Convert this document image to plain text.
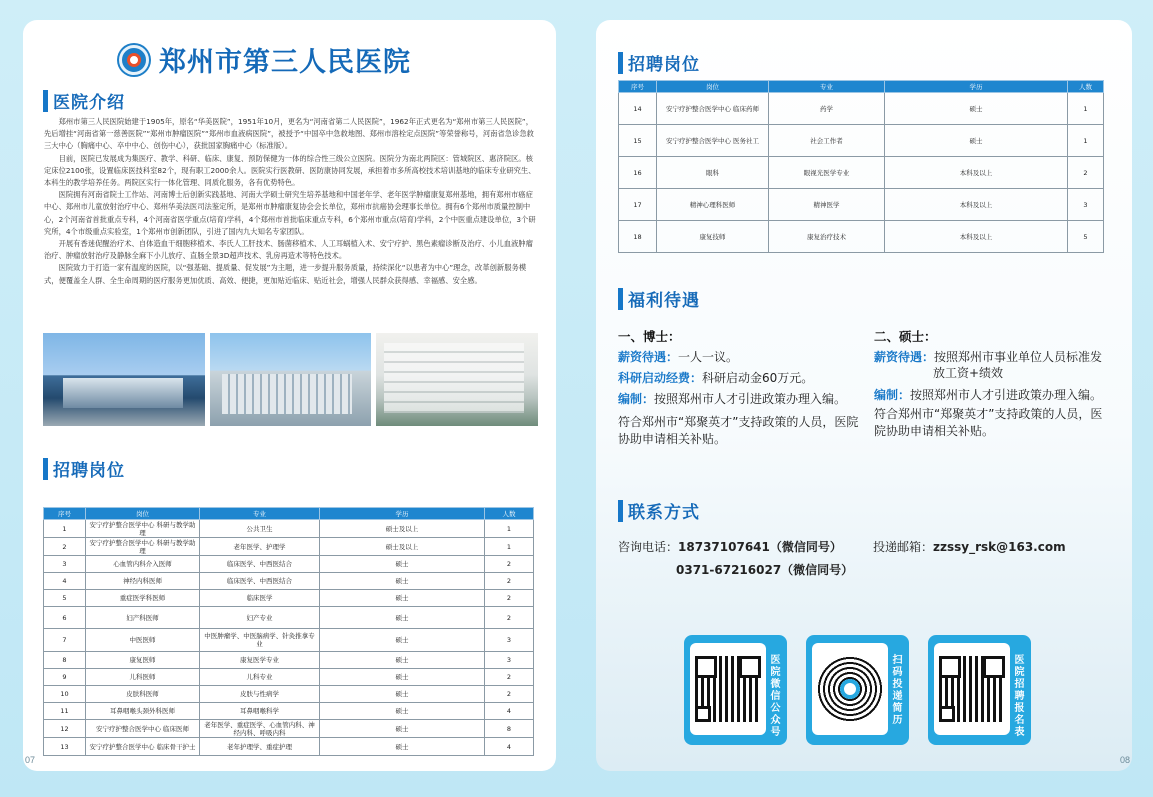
郑州市第三人民医院
医院介绍

郑州市第三人民医院始建于1905年，原名“华美医院”，1951年10月，更名为“河南省第二人民医院”，1962年正式更名为“郑州市第三人民医院”，先后增挂“河南省第一慈善医院”“郑州市肿瘤医院”“郑州市血液病医院”，被授予“中国卒中急救地图、郑州市溶栓定点医院”等荣誉称号，河南省急诊急救三大中心（胸痛中心、卒中中心、创伤中心），获批国家胸痛中心（标准版）。

目前，医院已发展成为集医疗、教学、科研、临床、康复、预防保健为一体的综合性三级公立医院。医院分为南北两院区：管城院区、惠济院区。核定床位2100张，设置临床医技科室82个，现有职工2000余人。医院实行医教研、医防康协同发展，承担着市多所高校技术培训基地的临床专业研究生、本科生的教学培养任务。两院区实行一体化管理、同质化服务，各有优势特色。

医院拥有河南省院士工作站、河南博士后创新实践基地、河南大学硕士研究生培养基地和中国老年学、老年医学肿瘤康复郑州基地，拥有郑州市癌症中心、郑州市儿童放射治疗中心、郑州华美法医司法鉴定所，是郑州市肿瘤康复协会会长单位，郑州市抗癌协会理事长单位。拥有6个郑州市质量控制中心，2个河南省首批重点专科，4个河南省医学重点(培育)学科，4个郑州市首批临床重点专科，6个郑州市重点(培育)学科，2个中医重点建设单位，3个研究所，4个市级重点实验室，1个郑州市创新团队，引进了国内九大知名专家团队。

开展有香迷促醒治疗术、自体造血干细胞移植术、李氏人工肝技术、肠菌移植术、人工耳蜗植入术、安宁疗护、黑色素瘤诊断及治疗、小儿血液肿瘤治疗、肿瘤放射治疗及静脉全麻下小儿放疗、直肠全景3D超声技术、乳房再造术等特色技术。

医院致力于打造一家有温度的医院，以“强基础、提质量、促发展”为主题，进一步提升服务质量，持续深化“以患者为中心”理念，改革创新服务模式，便覆盖全人群、全生命周期的医疗服务更加优质、高效、便捷，更加贴近临床、贴近社会，增强人民群众获得感、幸福感、安全感。

招聘岗位
序号	岗位	专业	学历	人数
1	安宁疗护整合医学中心 科研与教学助理	公共卫生	硕士及以上	1
2	安宁疗护整合医学中心 科研与教学助理	老年医学、护理学	硕士及以上	1
3	心血管内科介入医师	临床医学、中西医结合	硕士	2
4	神经内科医师	临床医学、中西医结合	硕士	2
5	重症医学科医师	临床医学	硕士	2
6	妇产科医师	妇产专业	硕士	2
7	中医医师	中医肿瘤学、中医脑病学、针灸推拿专业	硕士	3
8	康复医师	康复医学专业	硕士	3
9	儿科医师	儿科专业	硕士	2
10	皮肤科医师	皮肤与性病学	硕士	2
11	耳鼻咽喉头颈外科医师	耳鼻咽喉科学	硕士	4
12	安宁疗护整合医学中心 临床医师	老年医学、重症医学、心血管内科、神经内科、呼吸内科	硕士	8
13	安宁疗护整合医学中心 临床骨干护士	老年护理学、重症护理	硕士	4
07
招聘岗位
序号	岗位	专业	学历	人数
14	安宁疗护整合医学中心 临床药师	药学	硕士	1
15	安宁疗护整合医学中心 医务社工	社会工作者	硕士	1
16	眼科	眼视光医学专业	本科及以上	2
17	精神心理科医师	精神医学	本科及以上	3
18	康复技师	康复治疗技术	本科及以上	5
福利待遇
一、博士：
薪资待遇：一人一议。
科研启动经费：科研启动金60万元。
编制：按照郑州市人才引进政策办理入编。
符合郑州市“郑聚英才”支持政策的人员，医院协助申请相关补贴。
二、硕士：
薪资待遇：按照郑州市事业单位人员标准发放工资+绩效
编制：按照郑州市人才引进政策办理入编。
符合郑州市“郑聚英才”支持政策的人员，医院协助申请相关补贴。
联系方式
咨询电话：18737107641（微信同号）
0371-67216027（微信同号）
投递邮箱：zzssy_rsk@163.com
医院微信公众号
扫码投递简历
医院招聘报名表
08
